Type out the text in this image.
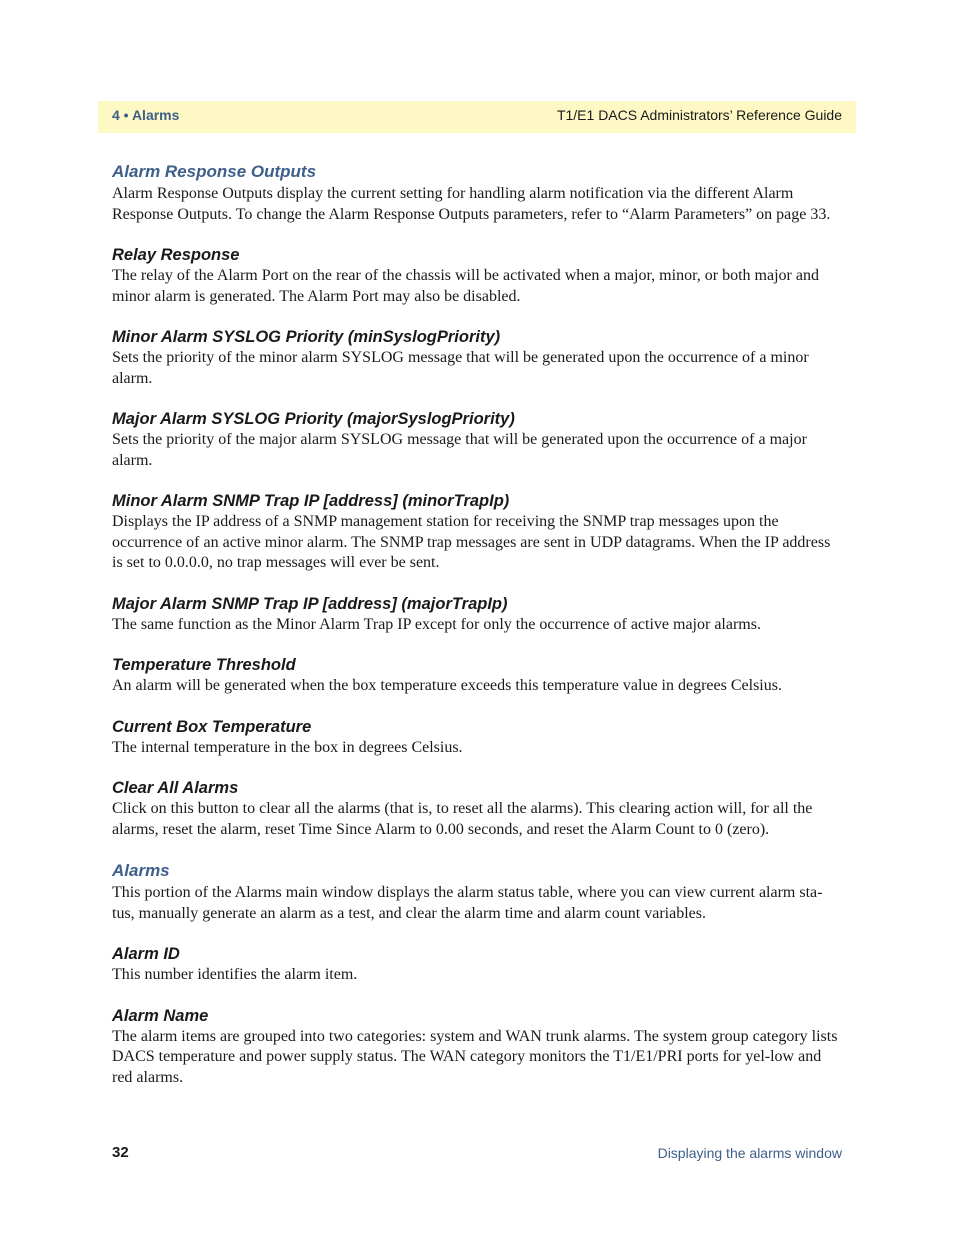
4 • Alarms	T1/E1 DACS Administrators’ Reference Guide
Alarm Response Outputs

Alarm Response Outputs display the current setting for handling alarm notification via the different Alarm Response Outputs. To change the Alarm Response Outputs parameters, refer to “Alarm Parameters” on page 33.

Relay Response

The relay of the Alarm Port on the rear of the chassis will be activated when a major, minor, or both major and minor alarm is generated. The Alarm Port may also be disabled.

Minor Alarm SYSLOG Priority (minSyslogPriority)

Sets the priority of the minor alarm SYSLOG message that will be generated upon the occurrence of a minor alarm.

Major Alarm SYSLOG Priority (majorSyslogPriority)

Sets the priority of the major alarm SYSLOG message that will be generated upon the occurrence of a major alarm.

Minor Alarm SNMP Trap IP [address] (minorTrapIp)

Displays the IP address of a SNMP management station for receiving the SNMP trap messages upon the occurrence of an active minor alarm. The SNMP trap messages are sent in UDP datagrams. When the IP address is set to 0.0.0.0, no trap messages will ever be sent.

Major Alarm SNMP Trap IP [address] (majorTrapIp)

The same function as the Minor Alarm Trap IP except for only the occurrence of active major alarms.

Temperature Threshold

An alarm will be generated when the box temperature exceeds this temperature value in degrees Celsius.

Current Box Temperature

The internal temperature in the box in degrees Celsius.

Clear All Alarms

Click on this button to clear all the alarms (that is, to reset all the alarms). This clearing action will, for all the alarms, reset the alarm, reset Time Since Alarm to 0.00 seconds, and reset the Alarm Count to 0 (zero).

Alarms

This portion of the Alarms main window displays the alarm status table, where you can view current alarm sta-tus, manually generate an alarm as a test, and clear the alarm time and alarm count variables.

Alarm ID

This number identifies the alarm item.

Alarm Name

The alarm items are grouped into two categories: system and WAN trunk alarms. The system group category lists DACS temperature and power supply status. The WAN category monitors the T1/E1/PRI ports for yel-low and red alarms.

32	Displaying the alarms window
